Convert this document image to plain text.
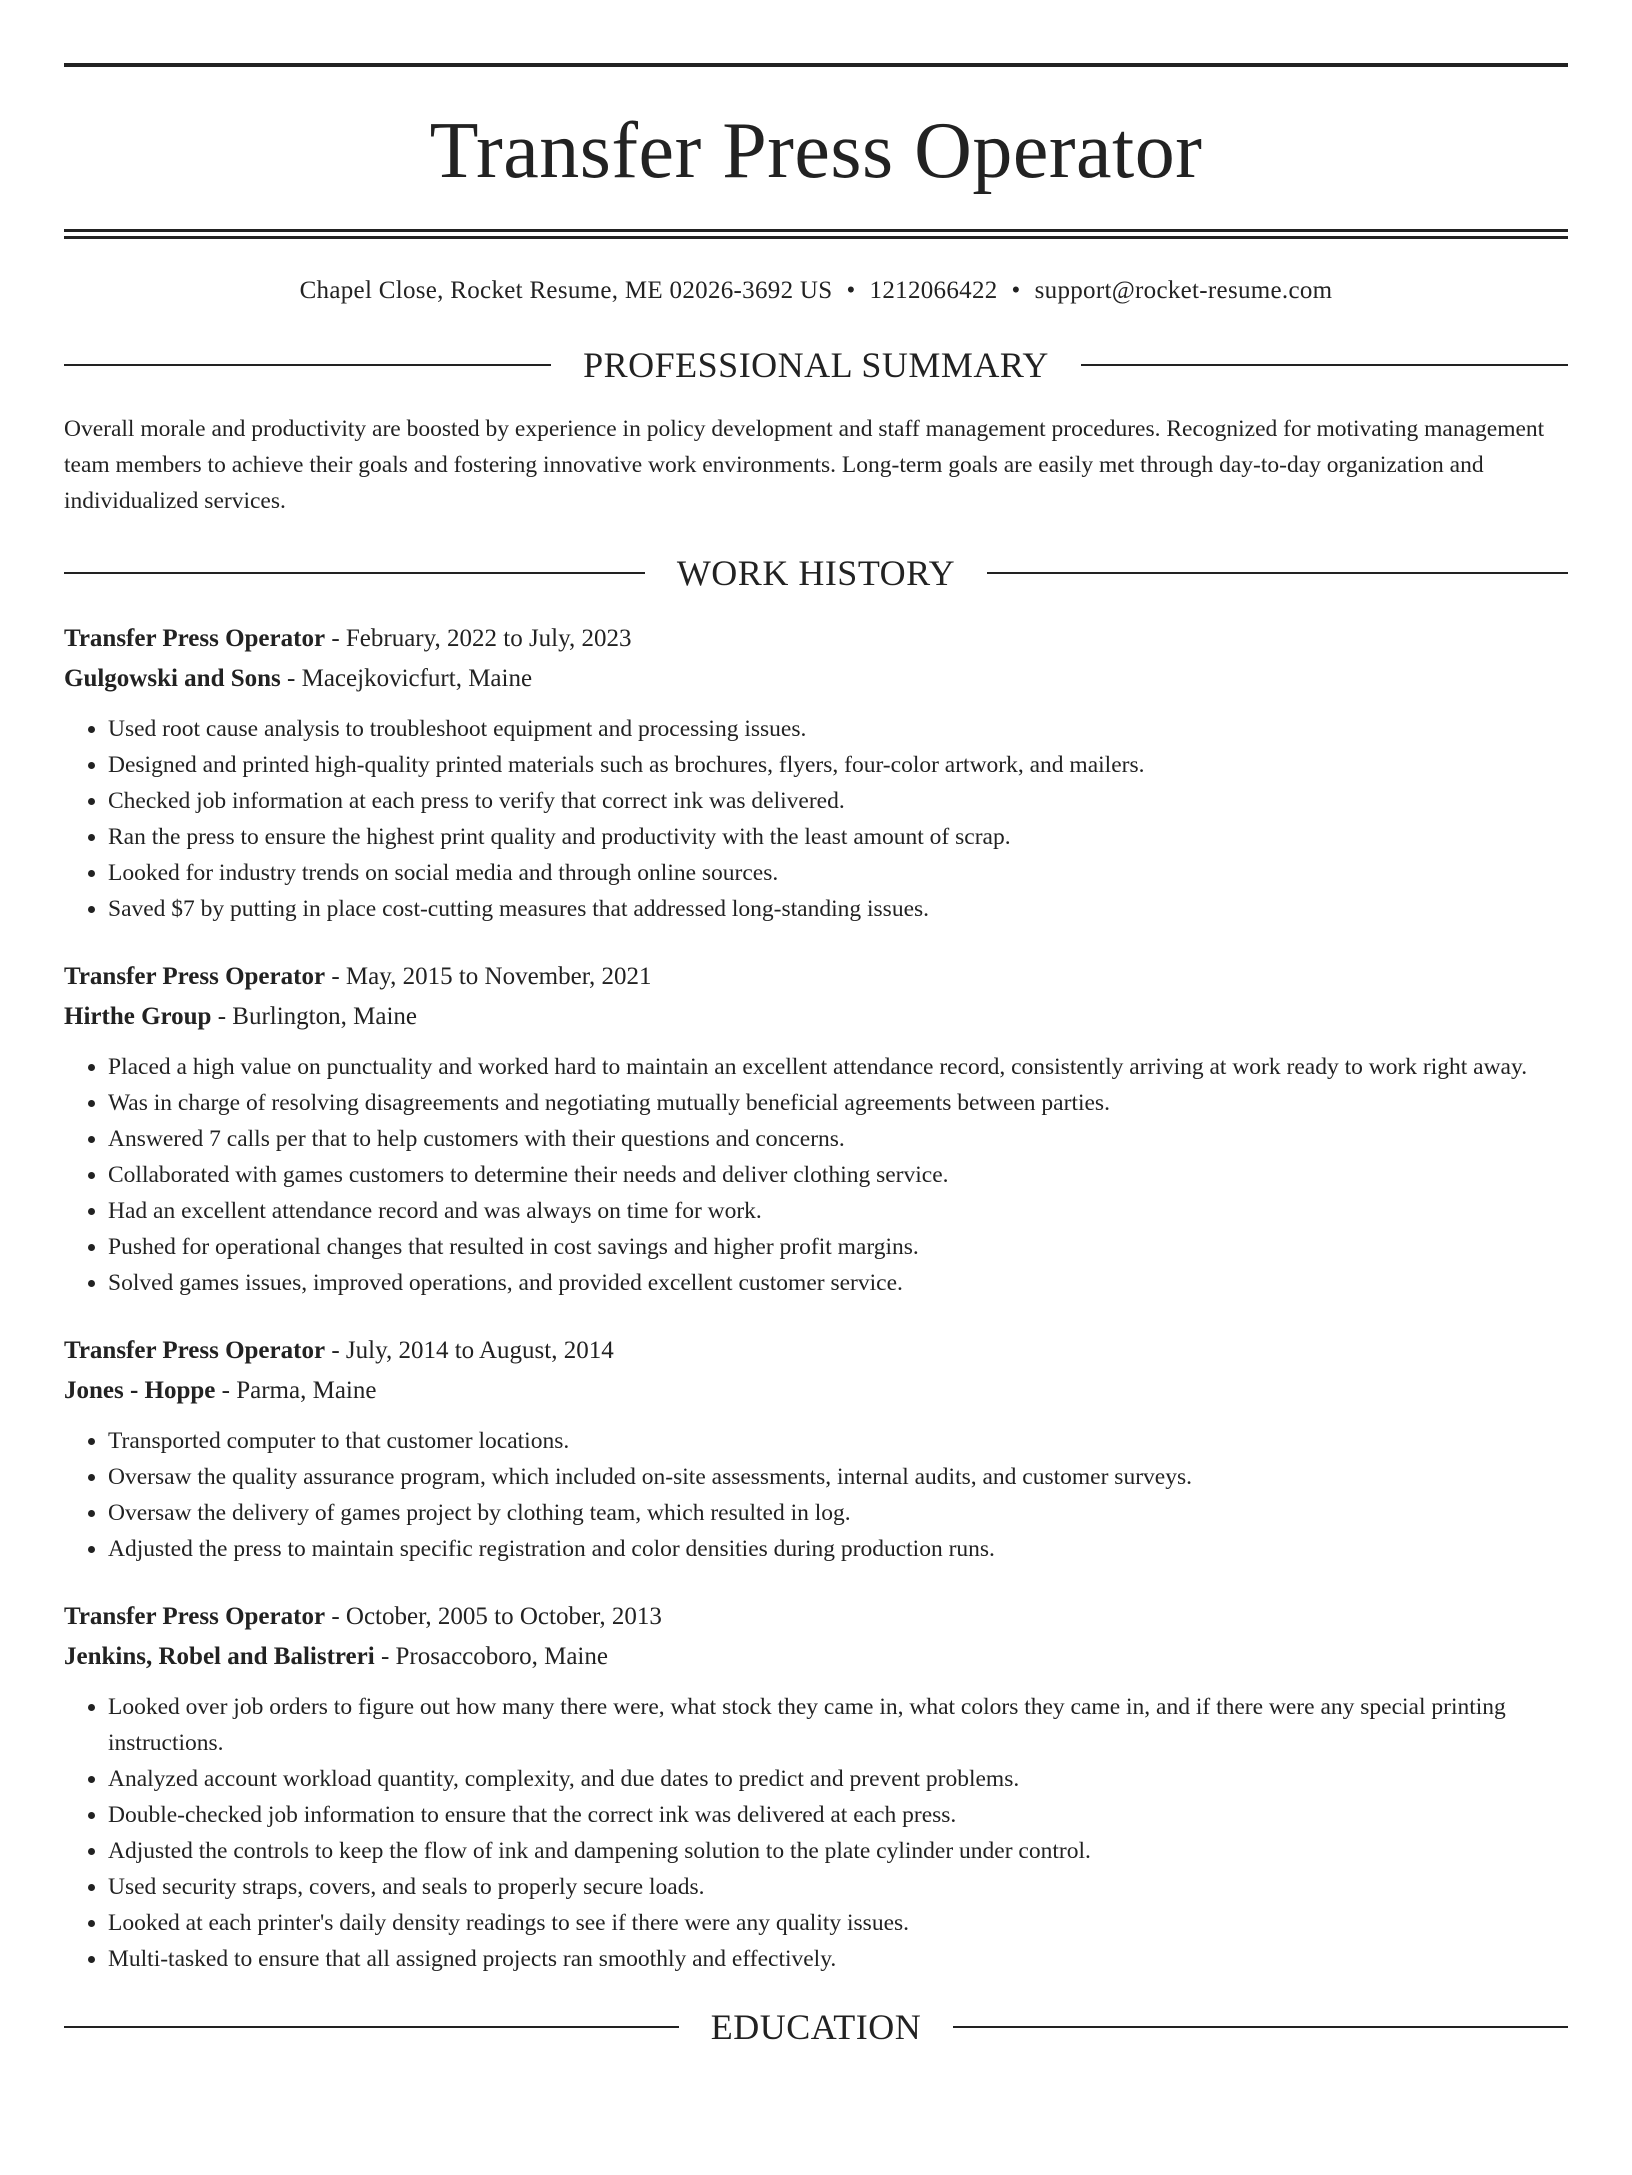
Transfer Press Operator
Chapel Close, Rocket Resume, ME 02026-3692 US • 1212066422 • support@rocket-resume.com
PROFESSIONAL SUMMARY
Overall morale and productivity are boosted by experience in policy development and staff management procedures. Recognized for motivating management team members to achieve their goals and fostering innovative work environments. Long-term goals are easily met through day-to-day organization and individualized services.
WORK HISTORY
Transfer Press Operator - February, 2022 to July, 2023
Gulgowski and Sons - Macejkovicfurt, Maine
• Used root cause analysis to troubleshoot equipment and processing issues.
• Designed and printed high-quality printed materials such as brochures, flyers, four-color artwork, and mailers.
• Checked job information at each press to verify that correct ink was delivered.
• Ran the press to ensure the highest print quality and productivity with the least amount of scrap.
• Looked for industry trends on social media and through online sources.
• Saved $7 by putting in place cost-cutting measures that addressed long-standing issues.
Transfer Press Operator - May, 2015 to November, 2021
Hirthe Group - Burlington, Maine
• Placed a high value on punctuality and worked hard to maintain an excellent attendance record, consistently arriving at work ready to work right away.
• Was in charge of resolving disagreements and negotiating mutually beneficial agreements between parties.
• Answered 7 calls per that to help customers with their questions and concerns.
• Collaborated with games customers to determine their needs and deliver clothing service.
• Had an excellent attendance record and was always on time for work.
• Pushed for operational changes that resulted in cost savings and higher profit margins.
• Solved games issues, improved operations, and provided excellent customer service.
Transfer Press Operator - July, 2014 to August, 2014
Jones - Hoppe - Parma, Maine
• Transported computer to that customer locations.
• Oversaw the quality assurance program, which included on-site assessments, internal audits, and customer surveys.
• Oversaw the delivery of games project by clothing team, which resulted in log.
• Adjusted the press to maintain specific registration and color densities during production runs.
Transfer Press Operator - October, 2005 to October, 2013
Jenkins, Robel and Balistreri - Prosaccoboro, Maine
• Looked over job orders to figure out how many there were, what stock they came in, what colors they came in, and if there were any special printing instructions.
• Analyzed account workload quantity, complexity, and due dates to predict and prevent problems.
• Double-checked job information to ensure that the correct ink was delivered at each press.
• Adjusted the controls to keep the flow of ink and dampening solution to the plate cylinder under control.
• Used security straps, covers, and seals to properly secure loads.
• Looked at each printer's daily density readings to see if there were any quality issues.
• Multi-tasked to ensure that all assigned projects ran smoothly and effectively.
EDUCATION
